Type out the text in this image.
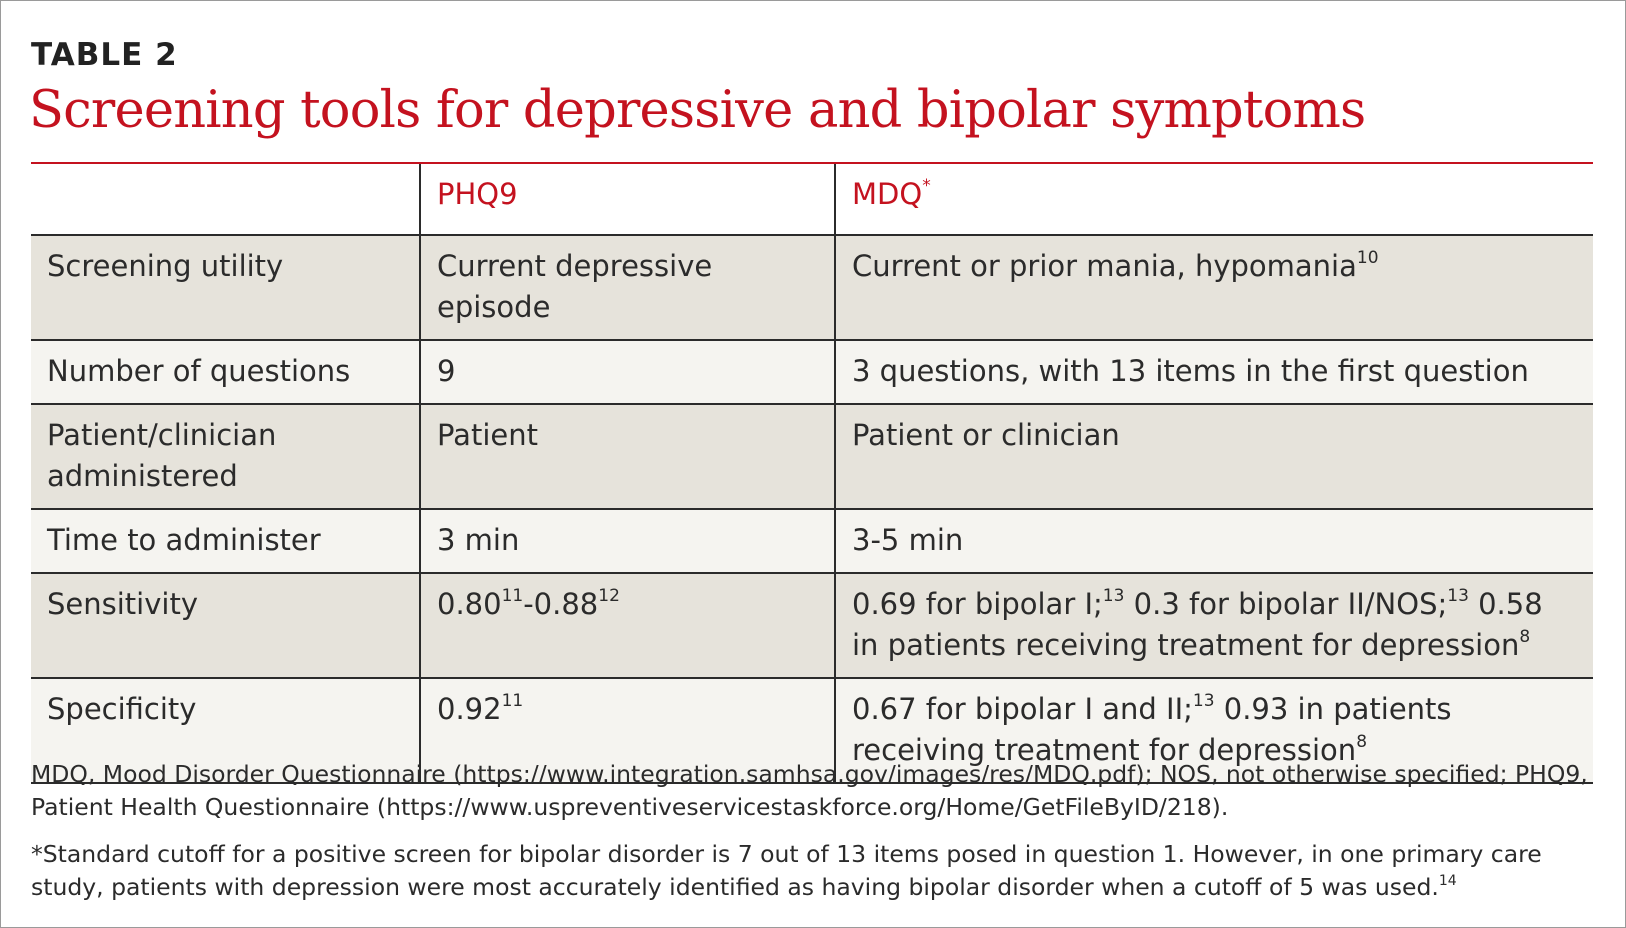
TABLE 2
Screening tools for depressive and bipolar symptoms
	PHQ9	MDQ*
Screening utility	Current depressive episode	Current or prior mania, hypomania$^{10}$
Number of questions	9	3 questions, with 13 items in the first question
Patient/clinician administered	Patient	Patient or clinician
Time to administer	3 min	3-5 min
Sensitivity	0.80$^{11}$-0.88$^{12}$	0.69 for bipolar I;$^{13}$ 0.3 for bipolar II/NOS;$^{13}$ 0.58 in patients receiving treatment for depression$^8$
Specificity	0.92$^{11}$	0.67 for bipolar I and II;$^{13}$ 0.93 in patients receiving treatment for depression$^8$

MDQ, Mood Disorder Questionnaire (https://www.integration.samhsa.gov/images/res/MDQ.pdf); NOS, not otherwise specified; PHQ9, Patient Health Questionnaire (https://www.uspreventiveservicestaskforce.org/Home/GetFileByID/218).

*Standard cutoff for a positive screen for bipolar disorder is 7 out of 13 items posed in question 1. However, in one primary care study, patients with depression were most accurately identified as having bipolar disorder when a cutoff of 5 was used.$^{14}$
